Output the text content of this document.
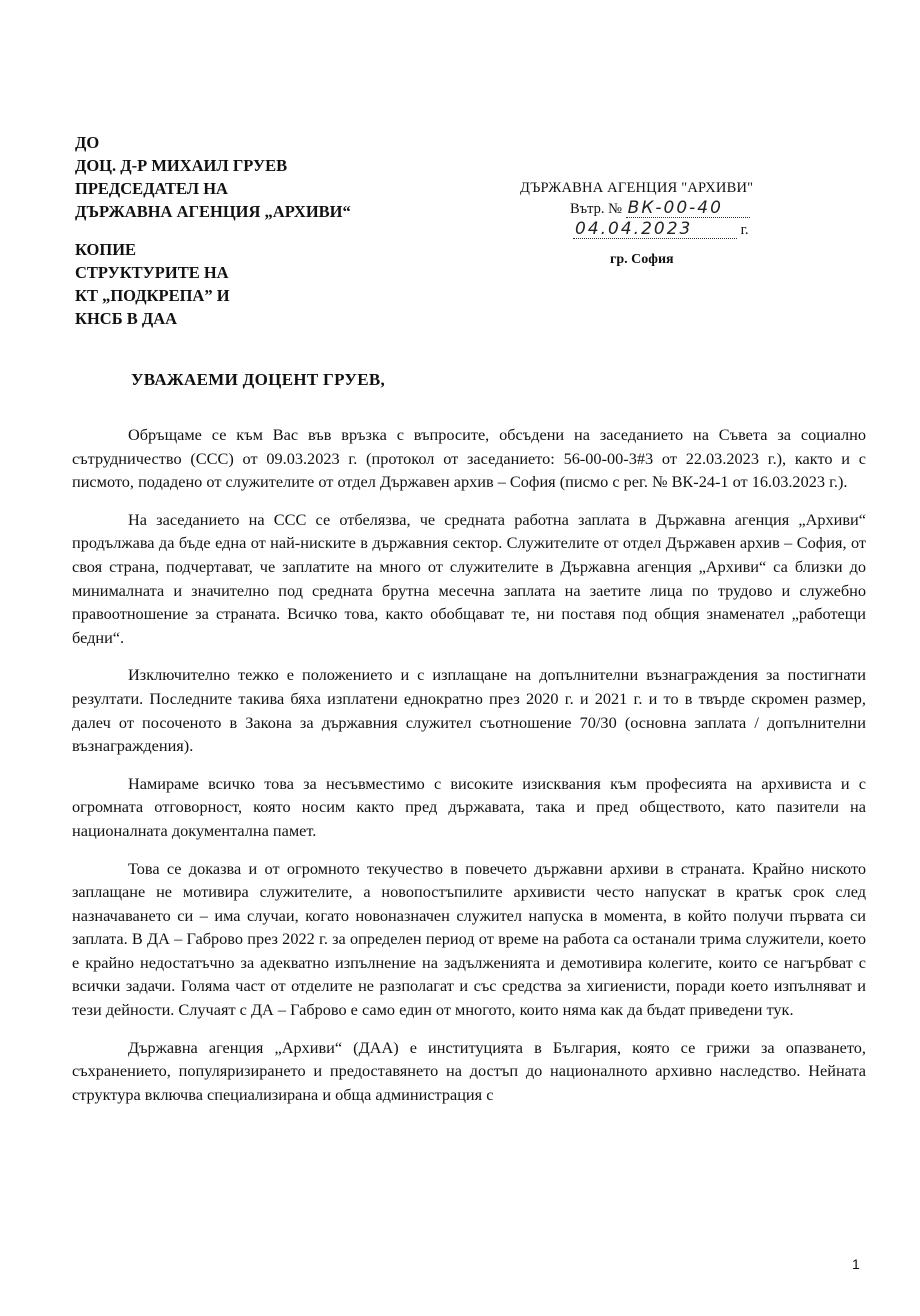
ДО
ДОЦ. Д-Р МИХАИЛ ГРУЕВ
ПРЕДСЕДАТЕЛ НА
ДЪРЖАВНА АГЕНЦИЯ „АРХИВИ“
КОПИЕ
СТРУКТУРИТЕ НА
КТ „ПОДКРЕПА” И
КНСБ В ДАА
ДЪРЖАВНА АГЕНЦИЯ "АРХИВИ"
Вътр. № ВК-00-40
04.04.2023	г.
гр. София
УВАЖАЕМИ ДОЦЕНТ ГРУЕВ,

Обръщаме се към Вас във връзка с въпросите, обсъдени на заседанието на Съвета за социално сътрудничество (ССС) от 09.03.2023 г. (протокол от заседанието: 56-00-00-3#3 от 22.03.2023 г.), както и с писмото, подадено от служителите от отдел Държавен архив – София (писмо с рег. № ВК-24-1 от 16.03.2023 г.).

На заседанието на ССС се отбелязва, че средната работна заплата в Държавна агенция „Архиви“ продължава да бъде една от най-ниските в държавния сектор. Служителите от отдел Държавен архив – София, от своя страна, подчертават, че заплатите на много от служителите в Държавна агенция „Архиви“ са близки до минималната и значително под средната брутна месечна заплата на заетите лица по трудово и служебно правоотношение за страната. Всичко това, както обобщават те, ни поставя под общия знаменател „работещи бедни“.

Изключително тежко е положението и с изплащане на допълнителни възнаграждения за постигнати резултати. Последните такива бяха изплатени еднократно през 2020 г. и 2021 г. и то в твърде скромен размер, далеч от посоченото в Закона за държавния служител съотношение 70/30 (основна заплата / допълнителни възнаграждения).

Намираме всичко това за несъвместимо с високите изисквания към професията на архивиста и с огромната отговорност, която носим както пред държавата, така и пред обществото, като пазители на националната документална памет.

Това се доказва и от огромното текучество в повечето държавни архиви в страната. Крайно ниското заплащане не мотивира служителите, а новопостъпилите архивисти често напускат в кратък срок след назначаването си – има случаи, когато новоназначен служител напуска в момента, в който получи първата си заплата. В ДА – Габрово през 2022 г. за определен период от време на работа са останали трима служители, което е крайно недостатъчно за адекватно изпълнение на задълженията и демотивира колегите, които се нагърбват с всички задачи. Голяма част от отделите не разполагат и със средства за хигиенисти, поради което изпълняват и тези дейности. Случаят с ДА – Габрово е само един от многото, които няма как да бъдат приведени тук.

Държавна агенция „Архиви“ (ДАА) е институцията в България, която се грижи за опазването, съхранението, популяризирането и предоставянето на достъп до националното архивно наследство. Нейната структура включва специализирана и обща администрация с

1
